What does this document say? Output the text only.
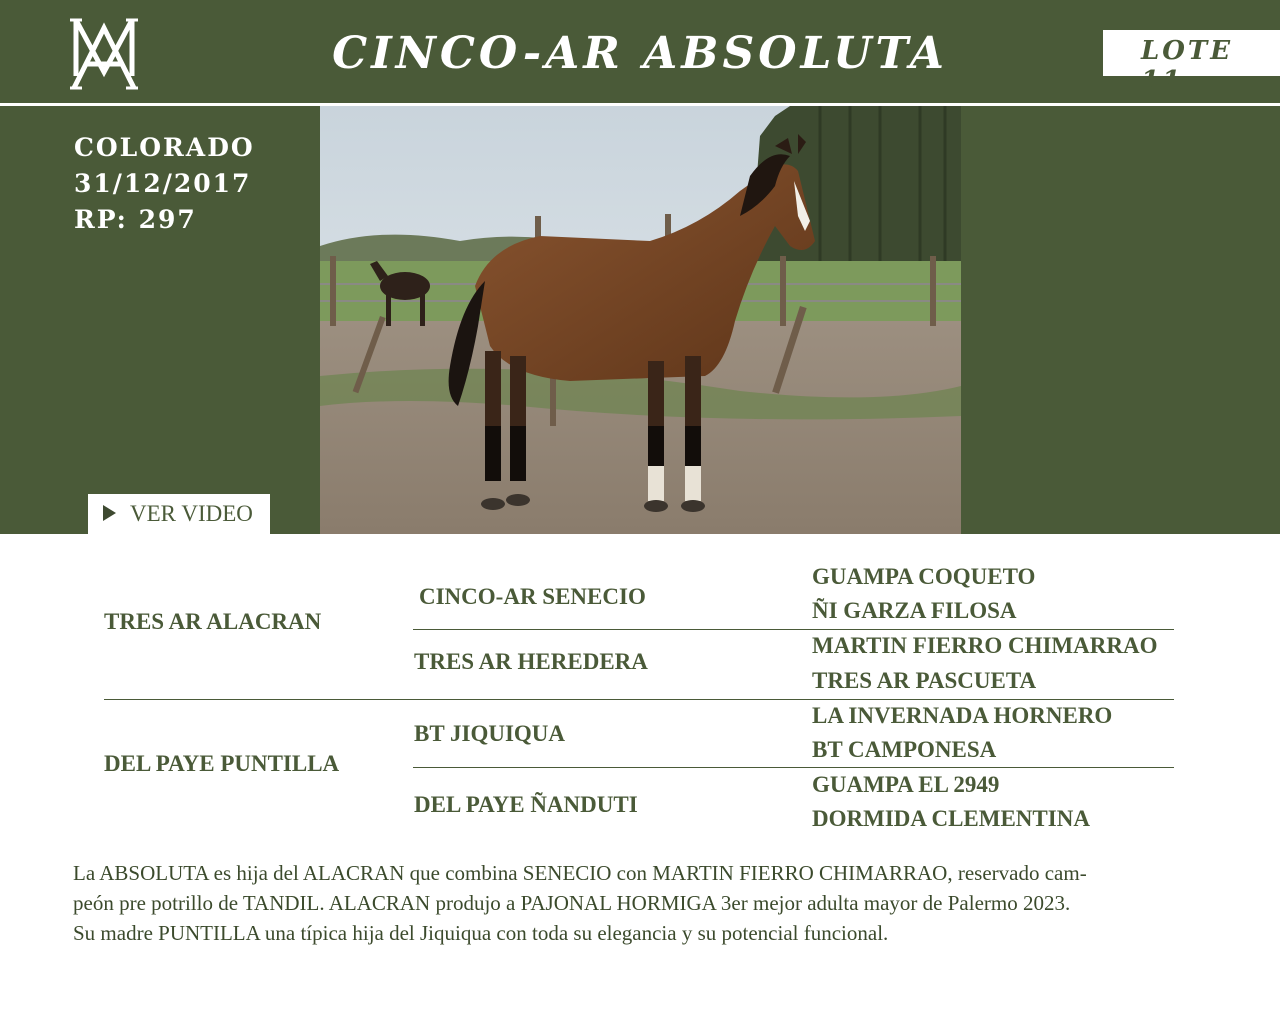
CINCO-AR ABSOLUTA	LOTE 11
COLORADO
31/12/2017
RP: 297
VER VIDEO
TRES AR ALACRAN
DEL PAYE PUNTILLA
CINCO-AR SENECIO
TRES AR HEREDERA
BT JIQUIQUA
DEL PAYE ÑANDUTI
GUAMPA COQUETO
ÑI GARZA FILOSA
MARTIN FIERRO CHIMARRAO
TRES AR PASCUETA
LA INVERNADA HORNERO
BT CAMPONESA
GUAMPA EL 2949
DORMIDA CLEMENTINA
La ABSOLUTA es hija del ALACRAN que combina SENECIO con MARTIN FIERRO CHIMARRAO, reservado cam-
peón pre potrillo de TANDIL. ALACRAN produjo a PAJONAL HORMIGA 3er mejor adulta mayor de Palermo 2023.
Su madre PUNTILLA una típica hija del Jiquiqua con toda su elegancia y su potencial funcional.
